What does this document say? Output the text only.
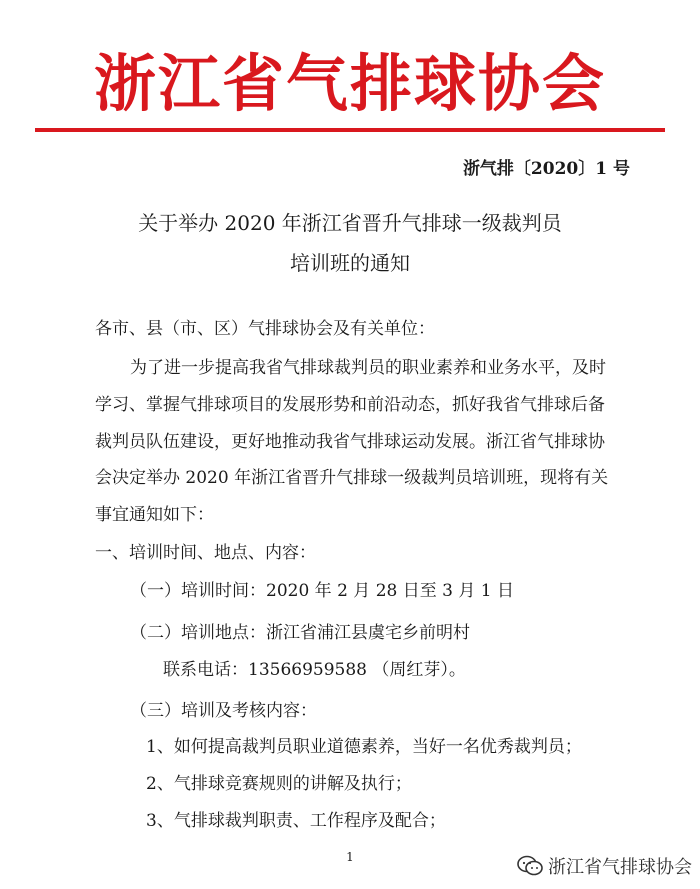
浙江省气排球协会
浙气排〔2020〕1 号
关于举办 2020 年浙江省晋升气排球一级裁判员
培训班的通知
各市、县（市、区）气排球协会及有关单位：
为了进一步提高我省气排球裁判员的职业素养和业务水平，及时
学习、掌握气排球项目的发展形势和前沿动态，抓好我省气排球后备
裁判员队伍建设，更好地推动我省气排球运动发展。浙江省气排球协
会决定举办 2020 年浙江省晋升气排球一级裁判员培训班，现将有关
事宜通知如下：
一、培训时间、地点、内容：
（一）培训时间：2020 年 2 月 28 日至 3 月 1 日
（二）培训地点：浙江省浦江县虞宅乡前明村
联系电话：13566959588 （周红芽）。
（三）培训及考核内容：
1、如何提高裁判员职业道德素养，当好一名优秀裁判员；
2、气排球竞赛规则的讲解及执行；
3、气排球裁判职责、工作程序及配合；
1	浙江省气排球协会
